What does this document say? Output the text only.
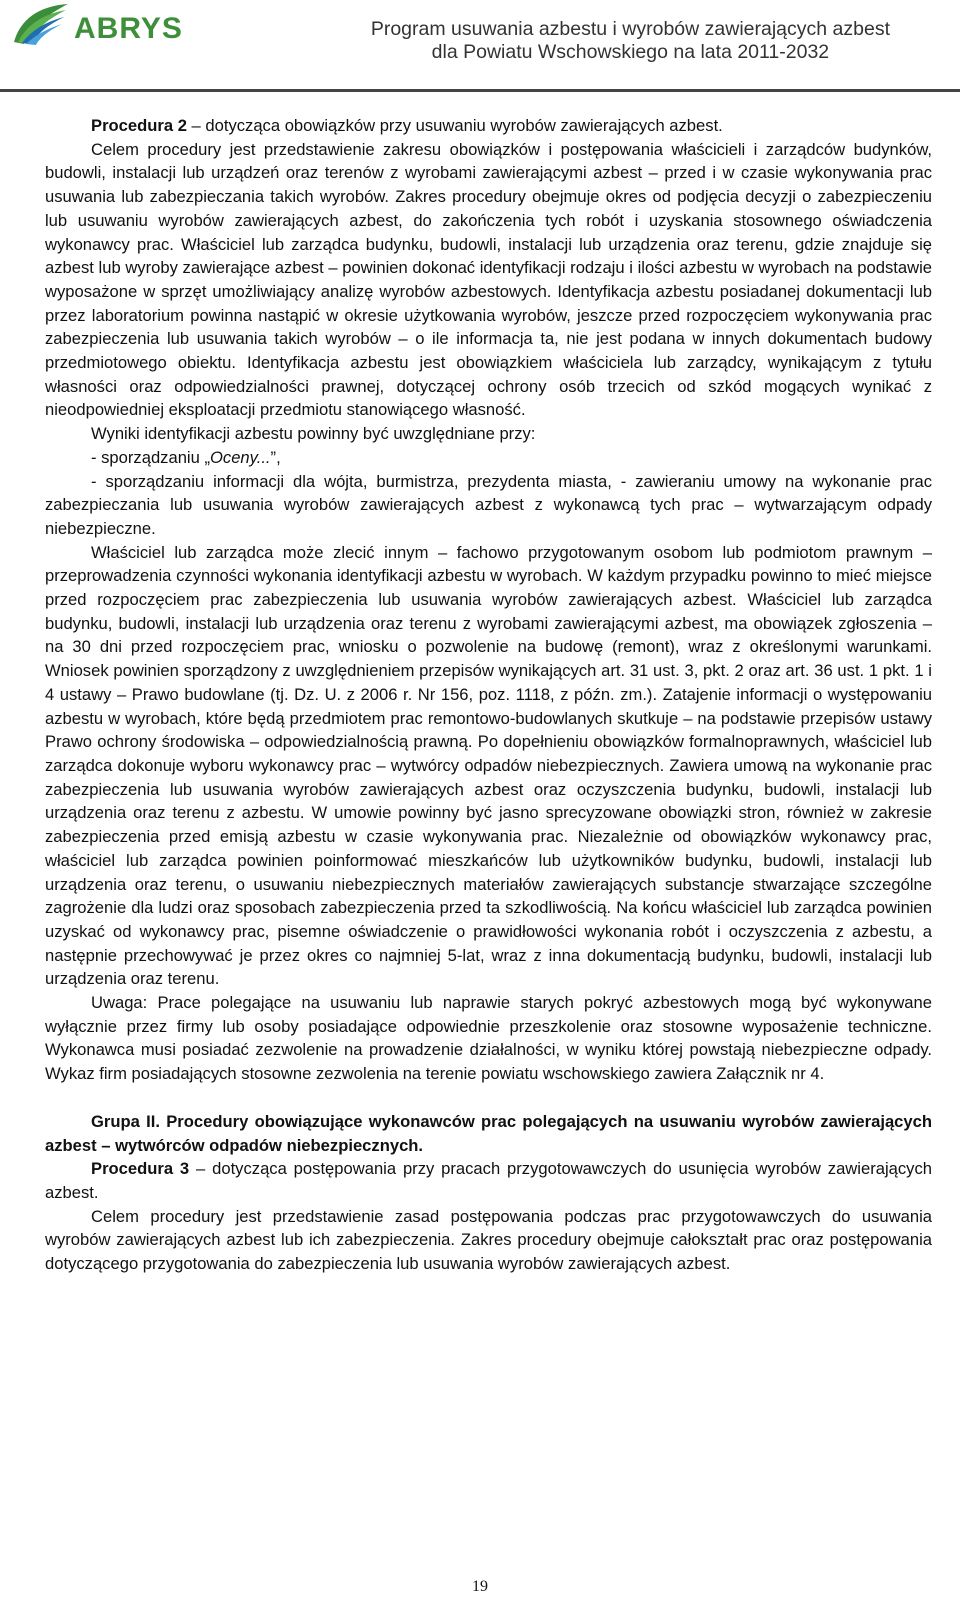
ABRYS	Program usuwania azbestu i wyrobów zawierających azbest
dla Powiatu Wschowskiego na lata 2011-2032

Procedura 2 – dotycząca obowiązków przy usuwaniu wyrobów zawierających azbest.

Celem procedury jest przedstawienie zakresu obowiązków i postępowania właścicieli i zarządców budynków, budowli, instalacji lub urządzeń oraz terenów z wyrobami zawierającymi azbest – przed i w czasie wykonywania prac usuwania lub zabezpieczania takich wyrobów. Zakres procedury obejmuje okres od podjęcia decyzji o zabezpieczeniu lub usuwaniu wyrobów zawierających azbest, do zakończenia tych robót i uzyskania stosownego oświadczenia wykonawcy prac. Właściciel lub zarządca budynku, budowli, instalacji lub urządzenia oraz terenu, gdzie znajduje się azbest lub wyroby zawierające azbest – powinien dokonać identyfikacji rodzaju i ilości azbestu w wyrobach na podstawie wyposażone w sprzęt umożliwiający analizę wyrobów azbestowych. Identyfikacja azbestu posiadanej dokumentacji lub przez laboratorium powinna nastąpić w okresie użytkowania wyrobów, jeszcze przed rozpoczęciem wykonywania prac zabezpieczenia lub usuwania takich wyrobów – o ile informacja ta, nie jest podana w innych dokumentach budowy przedmiotowego obiektu. Identyfikacja azbestu jest obowiązkiem właściciela lub zarządcy, wynikającym z tytułu własności oraz odpowiedzialności prawnej, dotyczącej ochrony osób trzecich od szkód mogących wynikać z nieodpowiedniej eksploatacji przedmiotu stanowiącego własność.

Wyniki identyfikacji azbestu powinny być uwzględniane przy:

- sporządzaniu „Oceny...”,

- sporządzaniu informacji dla wójta, burmistrza, prezydenta miasta, - zawieraniu umowy na wykonanie prac zabezpieczania lub usuwania wyrobów zawierających azbest z wykonawcą tych prac – wytwarzającym odpady niebezpieczne.

Właściciel lub zarządca może zlecić innym – fachowo przygotowanym osobom lub podmiotom prawnym – przeprowadzenia czynności wykonania identyfikacji azbestu w wyrobach. W każdym przypadku powinno to mieć miejsce przed rozpoczęciem prac zabezpieczenia lub usuwania wyrobów zawierających azbest. Właściciel lub zarządca budynku, budowli, instalacji lub urządzenia oraz terenu z wyrobami zawierającymi azbest, ma obowiązek zgłoszenia – na 30 dni przed rozpoczęciem prac, wniosku o pozwolenie na budowę (remont), wraz z określonymi warunkami. Wniosek powinien sporządzony z uwzględnieniem przepisów wynikających art. 31 ust. 3, pkt. 2 oraz art. 36 ust. 1 pkt. 1 i 4 ustawy – Prawo budowlane (tj. Dz. U. z 2006 r. Nr 156, poz. 1118, z późn. zm.). Zatajenie informacji o występowaniu azbestu w wyrobach, które będą przedmiotem prac remontowo-budowlanych skutkuje – na podstawie przepisów ustawy Prawo ochrony środowiska – odpowiedzialnością prawną. Po dopełnieniu obowiązków formalnoprawnych, właściciel lub zarządca dokonuje wyboru wykonawcy prac – wytwórcy odpadów niebezpiecznych. Zawiera umową na wykonanie prac zabezpieczenia lub usuwania wyrobów zawierających azbest oraz oczyszczenia budynku, budowli, instalacji lub urządzenia oraz terenu z azbestu. W umowie powinny być jasno sprecyzowane obowiązki stron, również w zakresie zabezpieczenia przed emisją azbestu w czasie wykonywania prac. Niezależnie od obowiązków wykonawcy prac, właściciel lub zarządca powinien poinformować mieszkańców lub użytkowników budynku, budowli, instalacji lub urządzenia oraz terenu, o usuwaniu niebezpiecznych materiałów zawierających substancje stwarzające szczególne zagrożenie dla ludzi oraz sposobach zabezpieczenia przed ta szkodliwością. Na końcu właściciel lub zarządca powinien uzyskać od wykonawcy prac, pisemne oświadczenie o prawidłowości wykonania robót i oczyszczenia z azbestu, a następnie przechowywać je przez okres co najmniej 5-lat, wraz z inna dokumentacją budynku, budowli, instalacji lub urządzenia oraz terenu.

Uwaga: Prace polegające na usuwaniu lub naprawie starych pokryć azbestowych mogą być wykonywane wyłącznie przez firmy lub osoby posiadające odpowiednie przeszkolenie oraz stosowne wyposażenie techniczne. Wykonawca musi posiadać zezwolenie na prowadzenie działalności, w wyniku której powstają niebezpieczne odpady. Wykaz firm posiadających stosowne zezwolenia na terenie powiatu wschowskiego zawiera Załącznik nr 4.

Grupa II. Procedury obowiązujące wykonawców prac polegających na usuwaniu wyrobów zawierających azbest – wytwórców odpadów niebezpiecznych.

Procedura 3 – dotycząca postępowania przy pracach przygotowawczych do usunięcia wyrobów zawierających azbest.

Celem procedury jest przedstawienie zasad postępowania podczas prac przygotowawczych do usuwania wyrobów zawierających azbest lub ich zabezpieczenia. Zakres procedury obejmuje całokształt prac oraz postępowania dotyczącego przygotowania do zabezpieczenia lub usuwania wyrobów zawierających azbest.

19
